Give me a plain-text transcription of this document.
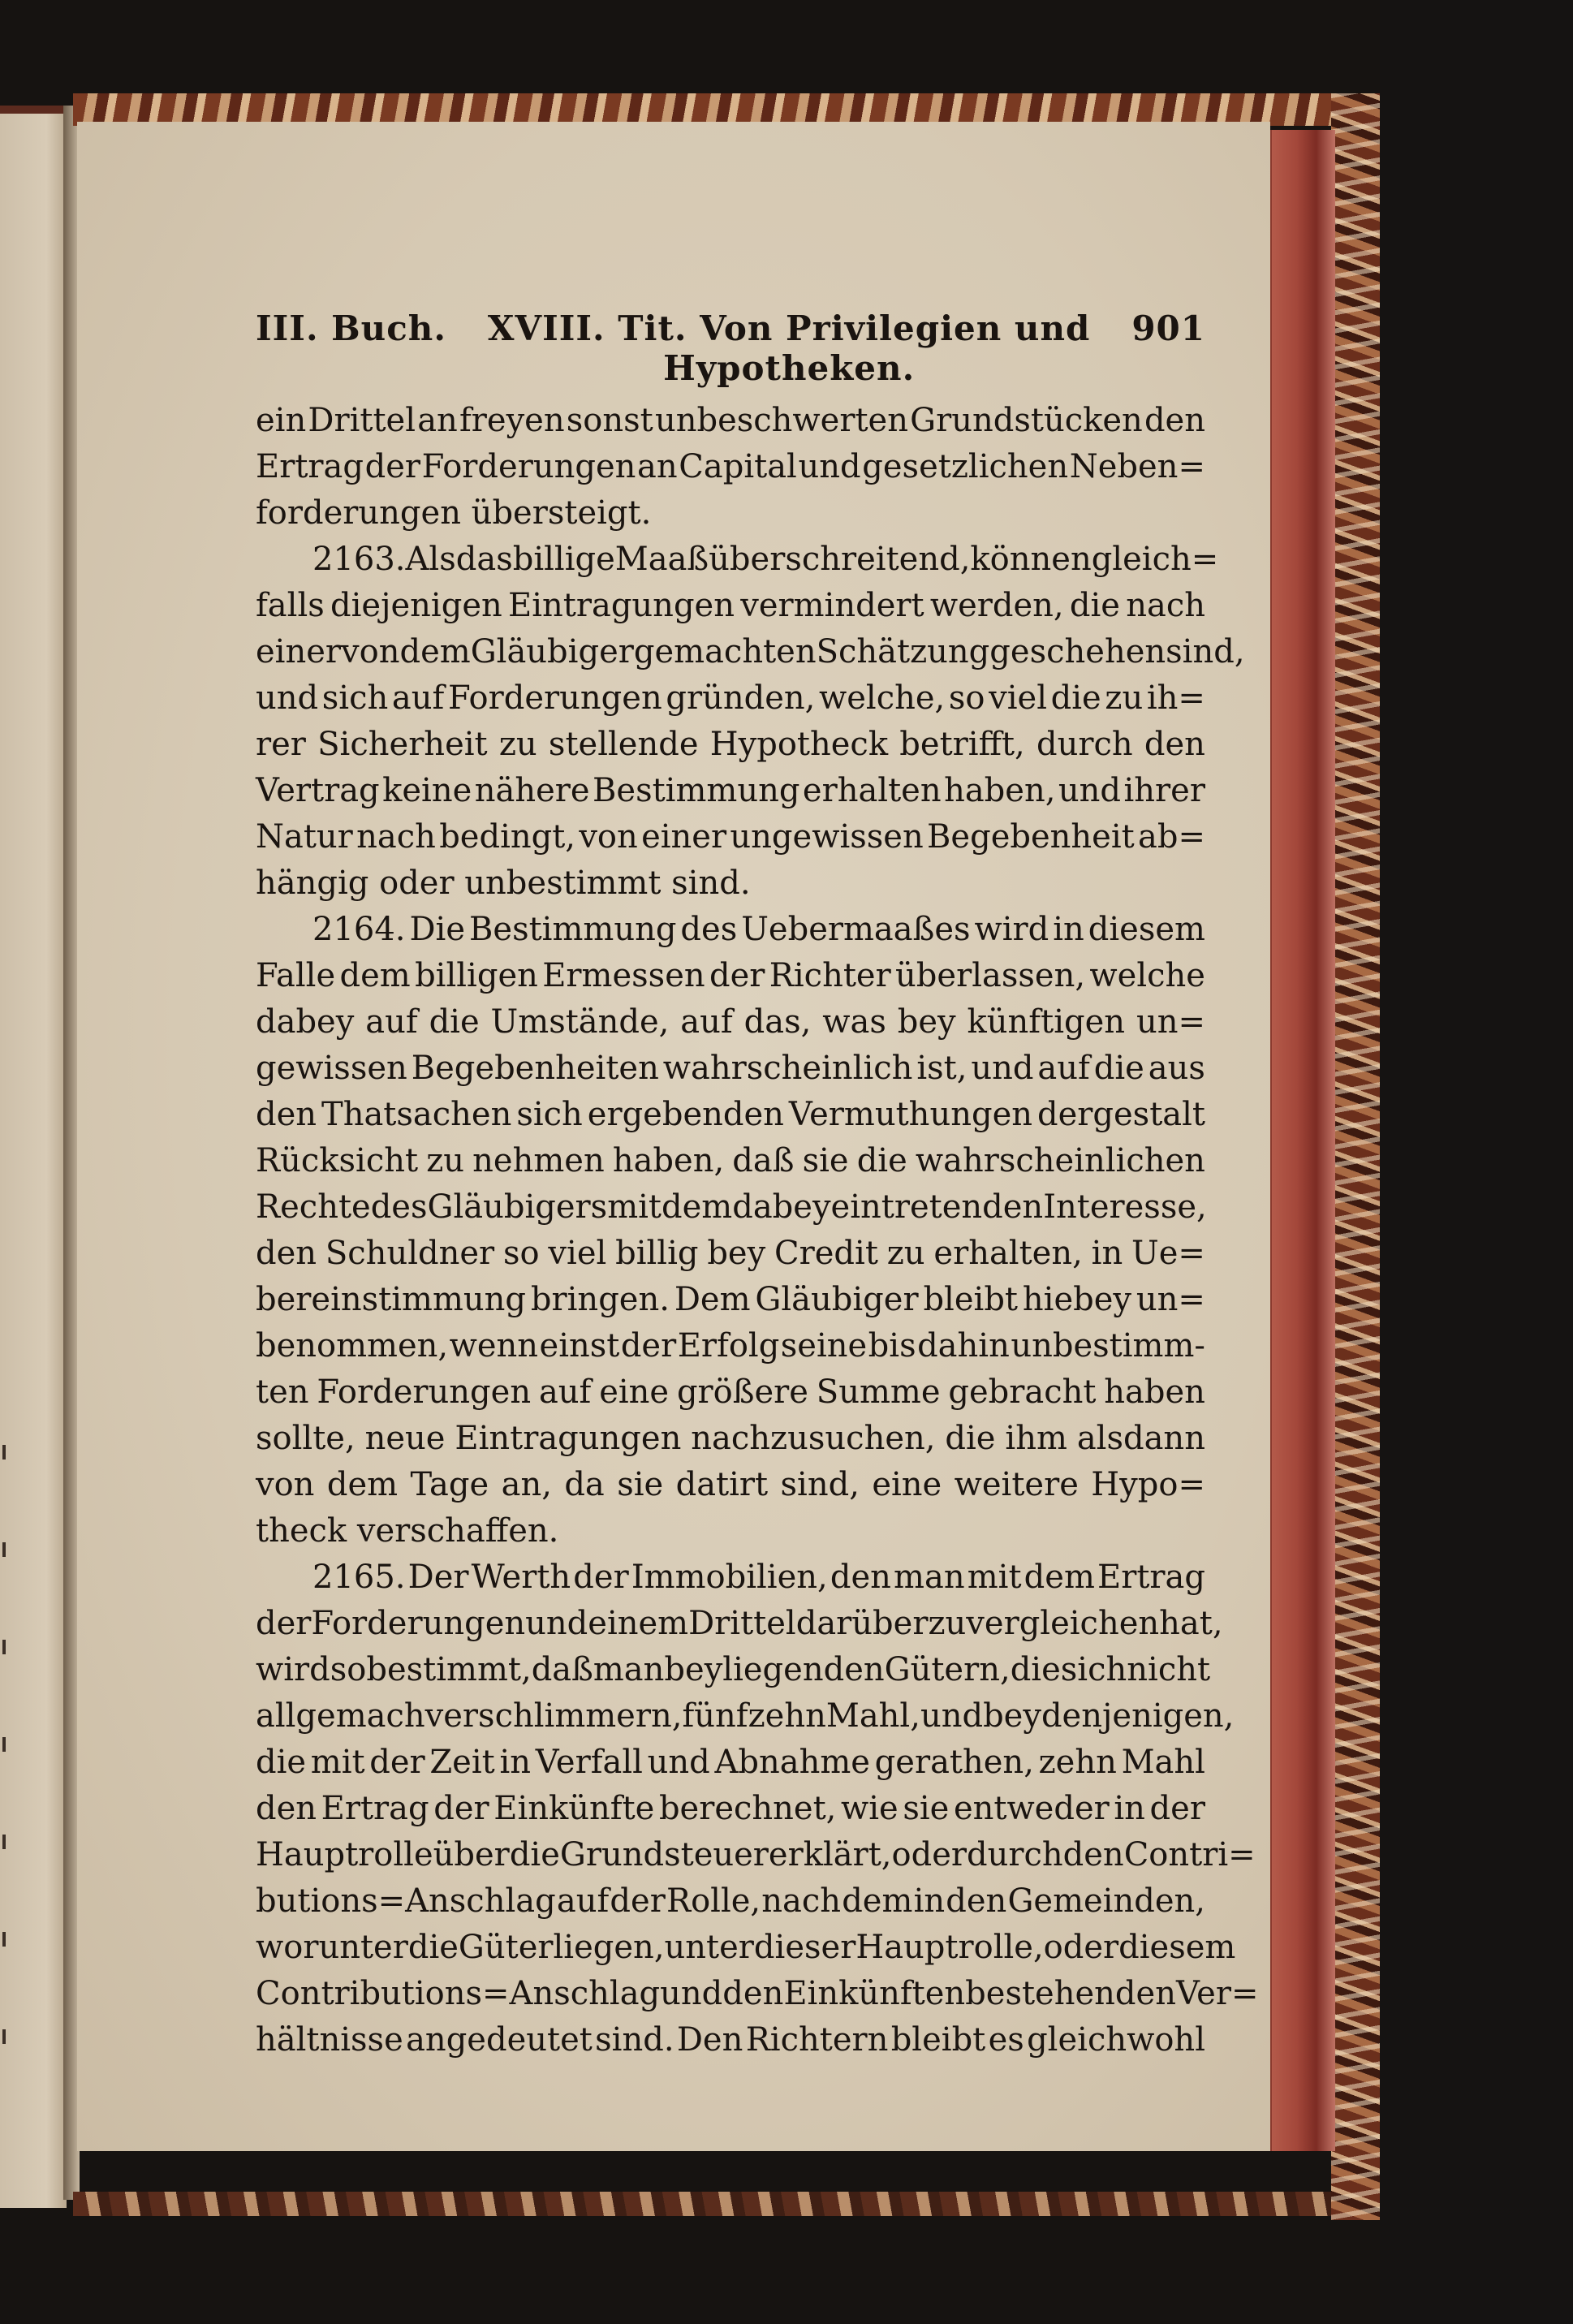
III. Buch.	XVIII. Tit. Von Privilegien und Hypotheken.
901
ein Drittel an freyen sonst unbeschwerten Grundstücken den
Ertrag der Forderungen an Capital und gesetzlichen Neben=
forderungen übersteigt.
2163. Als das billige Maaß überschreitend, können gleich=
falls diejenigen Eintragungen vermindert werden, die nach
einer von dem Gläubiger gemachten Schätzung geschehen sind,
und sich auf Forderungen gründen, welche, so viel die zu ih=
rer Sicherheit zu stellende Hypotheck betrifft, durch den
Vertrag keine nähere Bestimmung erhalten haben, und ihrer
Natur nach bedingt, von einer ungewissen Begebenheit ab=
hängig oder unbestimmt sind.
2164. Die Bestimmung des Uebermaaßes wird in diesem
Falle dem billigen Ermessen der Richter überlassen, welche
dabey auf die Umstände, auf das, was bey künftigen un=
gewissen Begebenheiten wahrscheinlich ist, und auf die aus
den Thatsachen sich ergebenden Vermuthungen dergestalt
Rücksicht zu nehmen haben, daß sie die wahrscheinlichen
Rechte des Gläubigers mit dem dabey eintretenden Interesse,
den Schuldner so viel billig bey Credit zu erhalten, in Ue=
bereinstimmung bringen. Dem Gläubiger bleibt hiebey un=
benommen, wenn einst der Erfolg seine bis dahin unbestimm-
ten Forderungen auf eine größere Summe gebracht haben
sollte, neue Eintragungen nachzusuchen, die ihm alsdann
von dem Tage an, da sie datirt sind, eine weitere Hypo=
theck verschaffen.
2165. Der Werth der Immobilien, den man mit dem Ertrag
der Forderungen und einem Drittel darüber zu vergleichen hat,
wird so bestimmt, daß man bey liegenden Gütern, die sich nicht
allgemach verschlimmern, fünfzehn Mahl, und bey denjenigen,
die mit der Zeit in Verfall und Abnahme gerathen, zehn Mahl
den Ertrag der Einkünfte berechnet, wie sie entweder in der
Hauptrolle über die Grundsteuer erklärt, oder durch den Contri=
butions=Anschlag auf der Rolle, nach dem in den Gemeinden,
worunter die Güter liegen, unter dieser Hauptrolle, oder diesem
Contributions=Anschlag und den Einkünften bestehenden Ver=
hältnisse angedeutet sind. Den Richtern bleibt es gleichwohl
